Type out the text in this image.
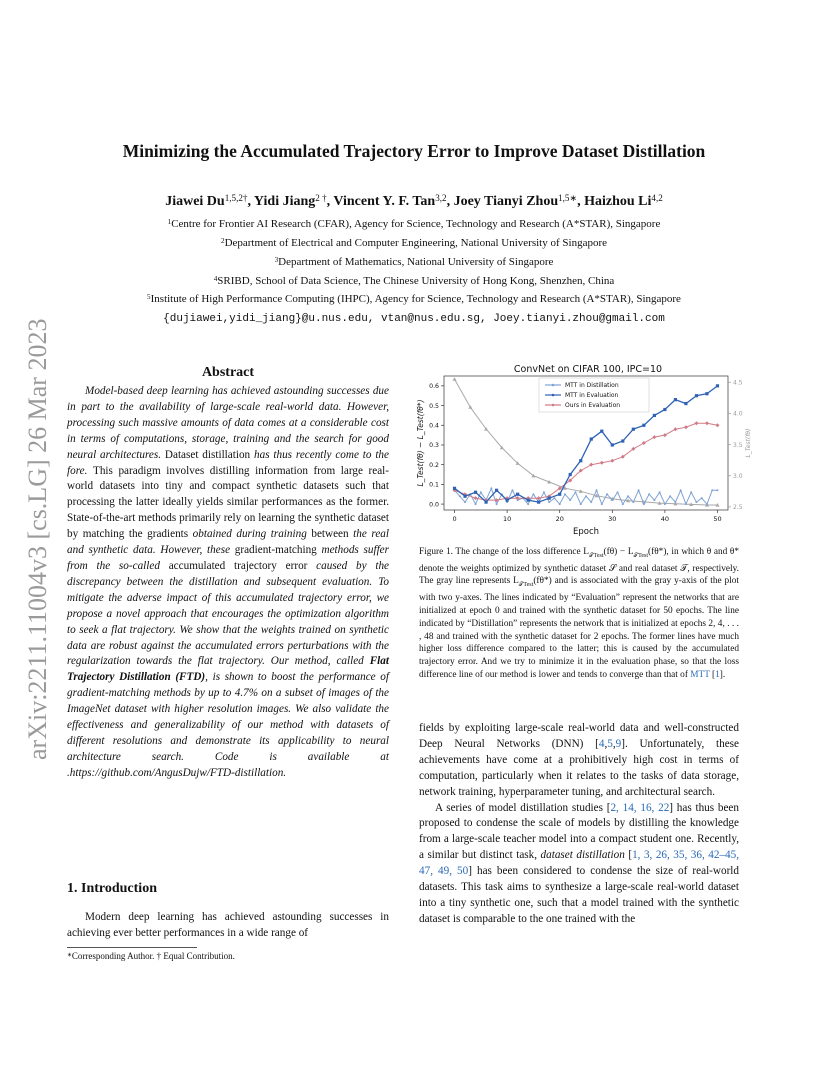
arXiv:2211.11004v3 [cs.LG] 26 Mar 2023
Minimizing the Accumulated Trajectory Error to Improve Dataset Distillation
Jiawei $Du^{1,5,2\dagger}$, Yidi Jiang$^{2 \dagger}$, Vincent Y. F. Tan$^{3,2}$, Joey Tianyi Zhou$^{1,5∗}$, Haizhou Li$^{4,2}$
$^1$Centre for Frontier AI Research (CFAR), Agency for Science, Technology and Research (A*STAR), Singapore
$^2$Department of Electrical and Computer Engineering, National University of Singapore
$^3$Department of Mathematics, National University of Singapore
$^4$SRIBD, School of Data Science, The Chinese University of Hong Kong, Shenzhen, China
$^5$Institute of High Performance Computing (IHPC), Agency for Science, Technology and Research (A*STAR), Singapore
{dujiawei,yidi_jiang}@u.nus.edu, vtan@nus.edu.sg, Joey.tianyi.zhou@gmail.com
Abstract

Model-based deep learning has achieved astounding successes due in part to the availability of large-scale real-world data. However, processing such massive amounts of data comes at a considerable cost in terms of computations, storage, training and the search for good neural architectures. Dataset distillation has thus recently come to the fore. This paradigm involves distilling information from large real-world datasets into tiny and compact synthetic datasets such that processing the latter ideally yields similar performances as the former. State-of-the-art methods primarily rely on learning the synthetic dataset by matching the gradients obtained during training between the real and synthetic data. However, these gradient-matching methods suffer from the so-called accumulated trajectory error caused by the discrepancy between the distillation and subsequent evaluation. To mitigate the adverse impact of this accumulated trajectory error, we propose a novel approach that encourages the optimization algorithm to seek a flat trajectory. We show that the weights trained on synthetic data are robust against the accumulated errors perturbations with the regularization towards the flat trajectory. Our method, called Flat Trajectory Distillation (FTD), is shown to boost the performance of gradient-matching methods by up to 4.7% on a subset of images of the ImageNet dataset with higher resolution images. We also validate the effectiveness and generalizability of our method with datasets of different resolutions and demonstrate its applicability to neural architecture search. Code is available at .https://github.com/AngusDujw/FTD-distillation.

1. Introduction

Modern deep learning has achieved astounding successes in achieving ever better performances in a wide range of

∗Corresponding Author. † Equal Contribution.
ConvNet on CIFAR 100, IPC=10
0	10	20	30	40	50
0.0
0.1
0.2
0.3
0.4
0.5
0.6
2.5
3.0
3.5
4.0
4.5
Epoch
L_Test(fθ) − L_Test(fθ*)	L_Test(fθ)
MTT in Distillation
MTT in Evaluation
Ours in Evaluation
Figure 1. The change of the loss difference $L_{𝒯Test}(f\theta) - L_{𝒯Test}(f\theta*)$, in which θ and θ* denote the weights optimized by synthetic dataset 𝒮 and real dataset 𝒯, respectively. The gray line represents $L_{𝒯Test}(f\theta*)$ and is associated with the gray y-axis of the plot with two y-axes. The lines indicated by “Evaluation” represent the networks that are initialized at epoch 0 and trained with the synthetic dataset for 50 epochs. The line indicated by “Distillation” represents the network that is initialized at epochs 2, 4, . . . , 48 and trained with the synthetic dataset for 2 epochs. The former lines have much higher loss difference compared to the latter; this is caused by the accumulated trajectory error. And we try to minimize it in the evaluation phase, so that the loss difference line of our method is lower and tends to converge than that of MTT [1].

fields by exploiting large-scale real-world data and well-constructed Deep Neural Networks (DNN) [4,5,9]. Unfortunately, these achievements have come at a prohibitively high cost in terms of computation, particularly when it relates to the tasks of data storage, network training, hyperparameter tuning, and architectural search.

A series of model distillation studies [2, 14, 16, 22] has thus been proposed to condense the scale of models by distilling the knowledge from a large-scale teacher model into a compact student one. Recently, a similar but distinct task, dataset distillation [1, 3, 26, 35, 36, 42–45, 47, 49, 50] has been considered to condense the size of real-world datasets. This task aims to synthesize a large-scale real-world dataset into a tiny synthetic one, such that a model trained with the synthetic dataset is comparable to the one trained with the
